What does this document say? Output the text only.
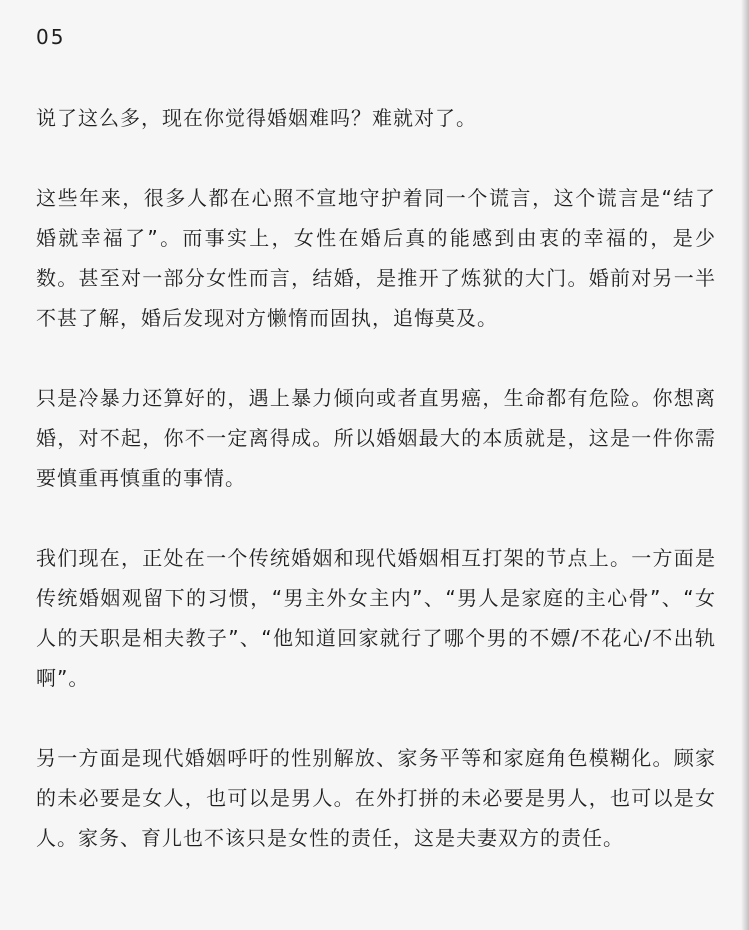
05

说了这么多，现在你觉得婚姻难吗？难就对了。

这些年来，很多人都在心照不宣地守护着同一个谎言，这个谎言是“结了婚就幸福了”。而事实上，女性在婚后真的能感到由衷的幸福的，是少数。甚至对一部分女性而言，结婚，是推开了炼狱的大门。婚前对另一半不甚了解，婚后发现对方懒惰而固执，追悔莫及。

只是冷暴力还算好的，遇上暴力倾向或者直男癌，生命都有危险。你想离婚，对不起，你不一定离得成。所以婚姻最大的本质就是，这是一件你需要慎重再慎重的事情。

我们现在，正处在一个传统婚姻和现代婚姻相互打架的节点上。一方面是传统婚姻观留下的习惯，“男主外女主内”、“男人是家庭的主心骨”、“女人的天职是相夫教子”、“他知道回家就行了哪个男的不嫖/不花心/不出轨啊”。

另一方面是现代婚姻呼吁的性别解放、家务平等和家庭角色模糊化。顾家的未必要是女人，也可以是男人。在外打拼的未必要是男人，也可以是女人。家务、育儿也不该只是女性的责任，这是夫妻双方的责任。
